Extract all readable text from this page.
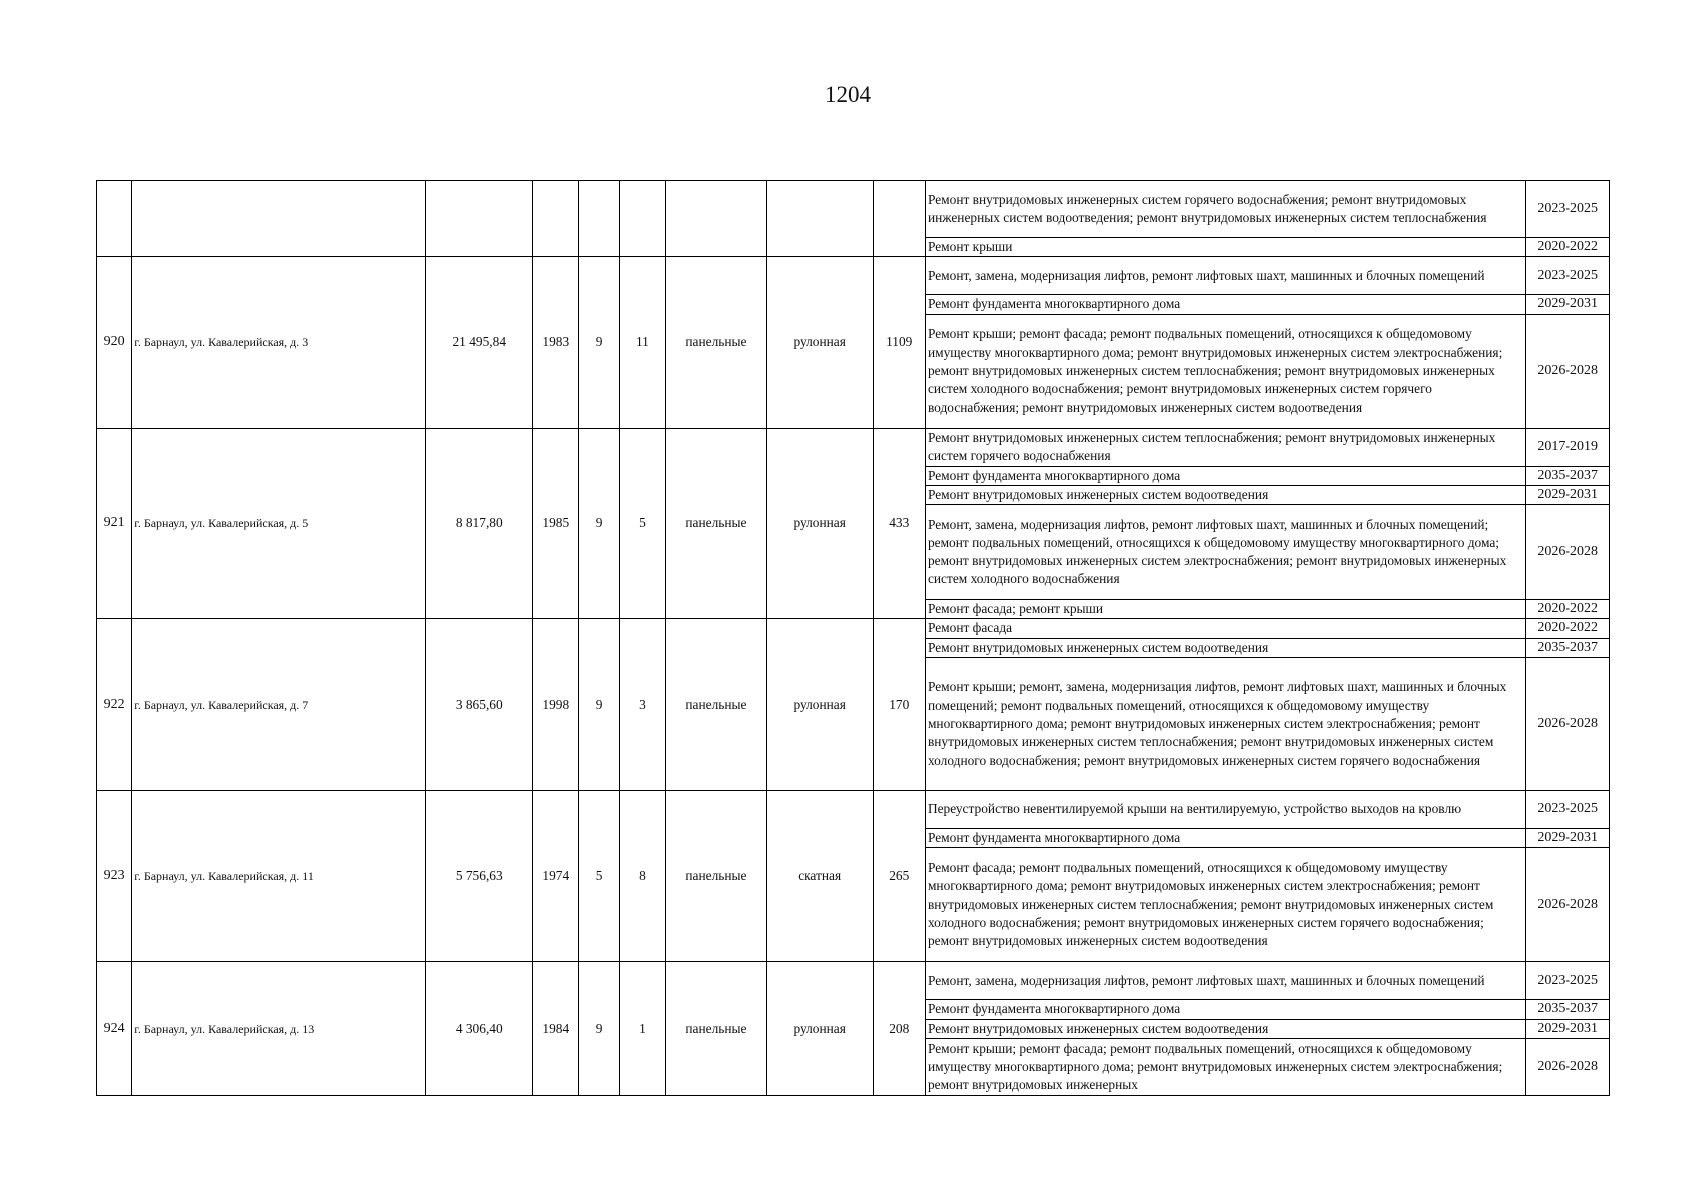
1204
									Ремонт внутридомовых инженерных систем горячего водоснабжения; ремонт внутридомовых инженерных систем водоотведения; ремонт внутридомовых инженерных систем теплоснабжения	2023-2025
									Ремонт крыши	2020-2022
920	г. Барнаул, ул. Кавалерийская, д. 3	21 495,84	1983	9	11	панельные	рулонная	1109	Ремонт, замена, модернизация лифтов, ремонт лифтовых шахт, машинных и блочных помещений	2023-2025
									Ремонт фундамента многоквартирного дома	2029-2031
									Ремонт крыши; ремонт фасада; ремонт подвальных помещений, относящихся к общедомовому имуществу многоквартирного дома; ремонт внутридомовых инженерных систем электроснабжения; ремонт внутридомовых инженерных систем теплоснабжения; ремонт внутридомовых инженерных систем холодного водоснабжения; ремонт внутридомовых инженерных систем горячего водоснабжения; ремонт внутридомовых инженерных систем водоотведения	2026-2028
921	г. Барнаул, ул. Кавалерийская, д. 5	8 817,80	1985	9	5	панельные	рулонная	433	Ремонт внутридомовых инженерных систем теплоснабжения; ремонт внутридомовых инженерных систем горячего водоснабжения	2017-2019
									Ремонт фундамента многоквартирного дома	2035-2037
									Ремонт внутридомовых инженерных систем водоотведения	2029-2031
									Ремонт, замена, модернизация лифтов, ремонт лифтовых шахт, машинных и блочных помещений; ремонт подвальных помещений, относящихся к общедомовому имуществу многоквартирного дома; ремонт внутридомовых инженерных систем электроснабжения; ремонт внутридомовых инженерных систем холодного водоснабжения	2026-2028
									Ремонт фасада; ремонт крыши	2020-2022
922	г. Барнаул, ул. Кавалерийская, д. 7	3 865,60	1998	9	3	панельные	рулонная	170	Ремонт фасада	2020-2022
									Ремонт внутридомовых инженерных систем водоотведения	2035-2037
									Ремонт крыши; ремонт, замена, модернизация лифтов, ремонт лифтовых шахт, машинных и блочных помещений; ремонт подвальных помещений, относящихся к общедомовому имуществу многоквартирного дома; ремонт внутридомовых инженерных систем электроснабжения; ремонт внутридомовых инженерных систем теплоснабжения; ремонт внутридомовых инженерных систем холодного водоснабжения; ремонт внутридомовых инженерных систем горячего водоснабжения	2026-2028
923	г. Барнаул, ул. Кавалерийская, д. 11	5 756,63	1974	5	8	панельные	скатная	265	Переустройство невентилируемой крыши на вентилируемую, устройство выходов на кровлю	2023-2025
									Ремонт фундамента многоквартирного дома	2029-2031
									Ремонт фасада; ремонт подвальных помещений, относящихся к общедомовому имуществу многоквартирного дома; ремонт внутридомовых инженерных систем электроснабжения; ремонт внутридомовых инженерных систем теплоснабжения; ремонт внутридомовых инженерных систем холодного водоснабжения; ремонт внутридомовых инженерных систем горячего водоснабжения; ремонт внутридомовых инженерных систем водоотведения	2026-2028
924	г. Барнаул, ул. Кавалерийская, д. 13	4 306,40	1984	9	1	панельные	рулонная	208	Ремонт, замена, модернизация лифтов, ремонт лифтовых шахт, машинных и блочных помещений	2023-2025
									Ремонт фундамента многоквартирного дома	2035-2037
									Ремонт внутридомовых инженерных систем водоотведения	2029-2031
									Ремонт крыши; ремонт фасада; ремонт подвальных помещений, относящихся к общедомовому имуществу многоквартирного дома; ремонт внутридомовых инженерных систем электроснабжения; ремонт внутридомовых инженерных	2026-2028
